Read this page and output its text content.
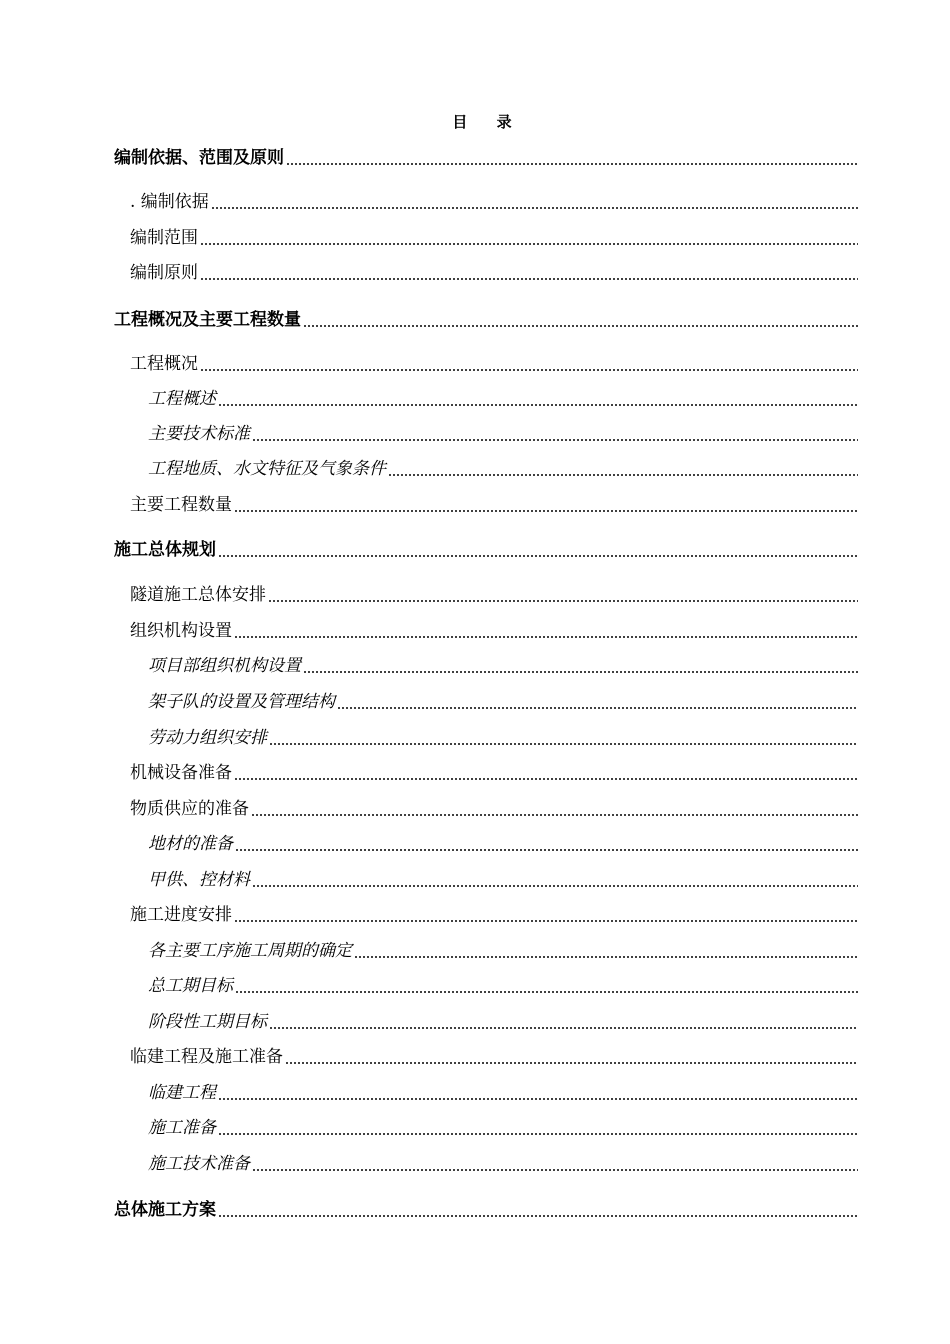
目 录
编制依据、范围及原则
. 编制依据
编制范围
编制原则
工程概况及主要工程数量
工程概况
工程概述
主要技术标准
工程地质、水文特征及气象条件
主要工程数量
施工总体规划
隧道施工总体安排
组织机构设置
项目部组织机构设置
架子队的设置及管理结构
劳动力组织安排
机械设备准备
物质供应的准备
地材的准备
甲供、控材料
施工进度安排
各主要工序施工周期的确定
总工期目标
阶段性工期目标
临建工程及施工准备
临建工程
施工准备
施工技术准备
总体施工方案
